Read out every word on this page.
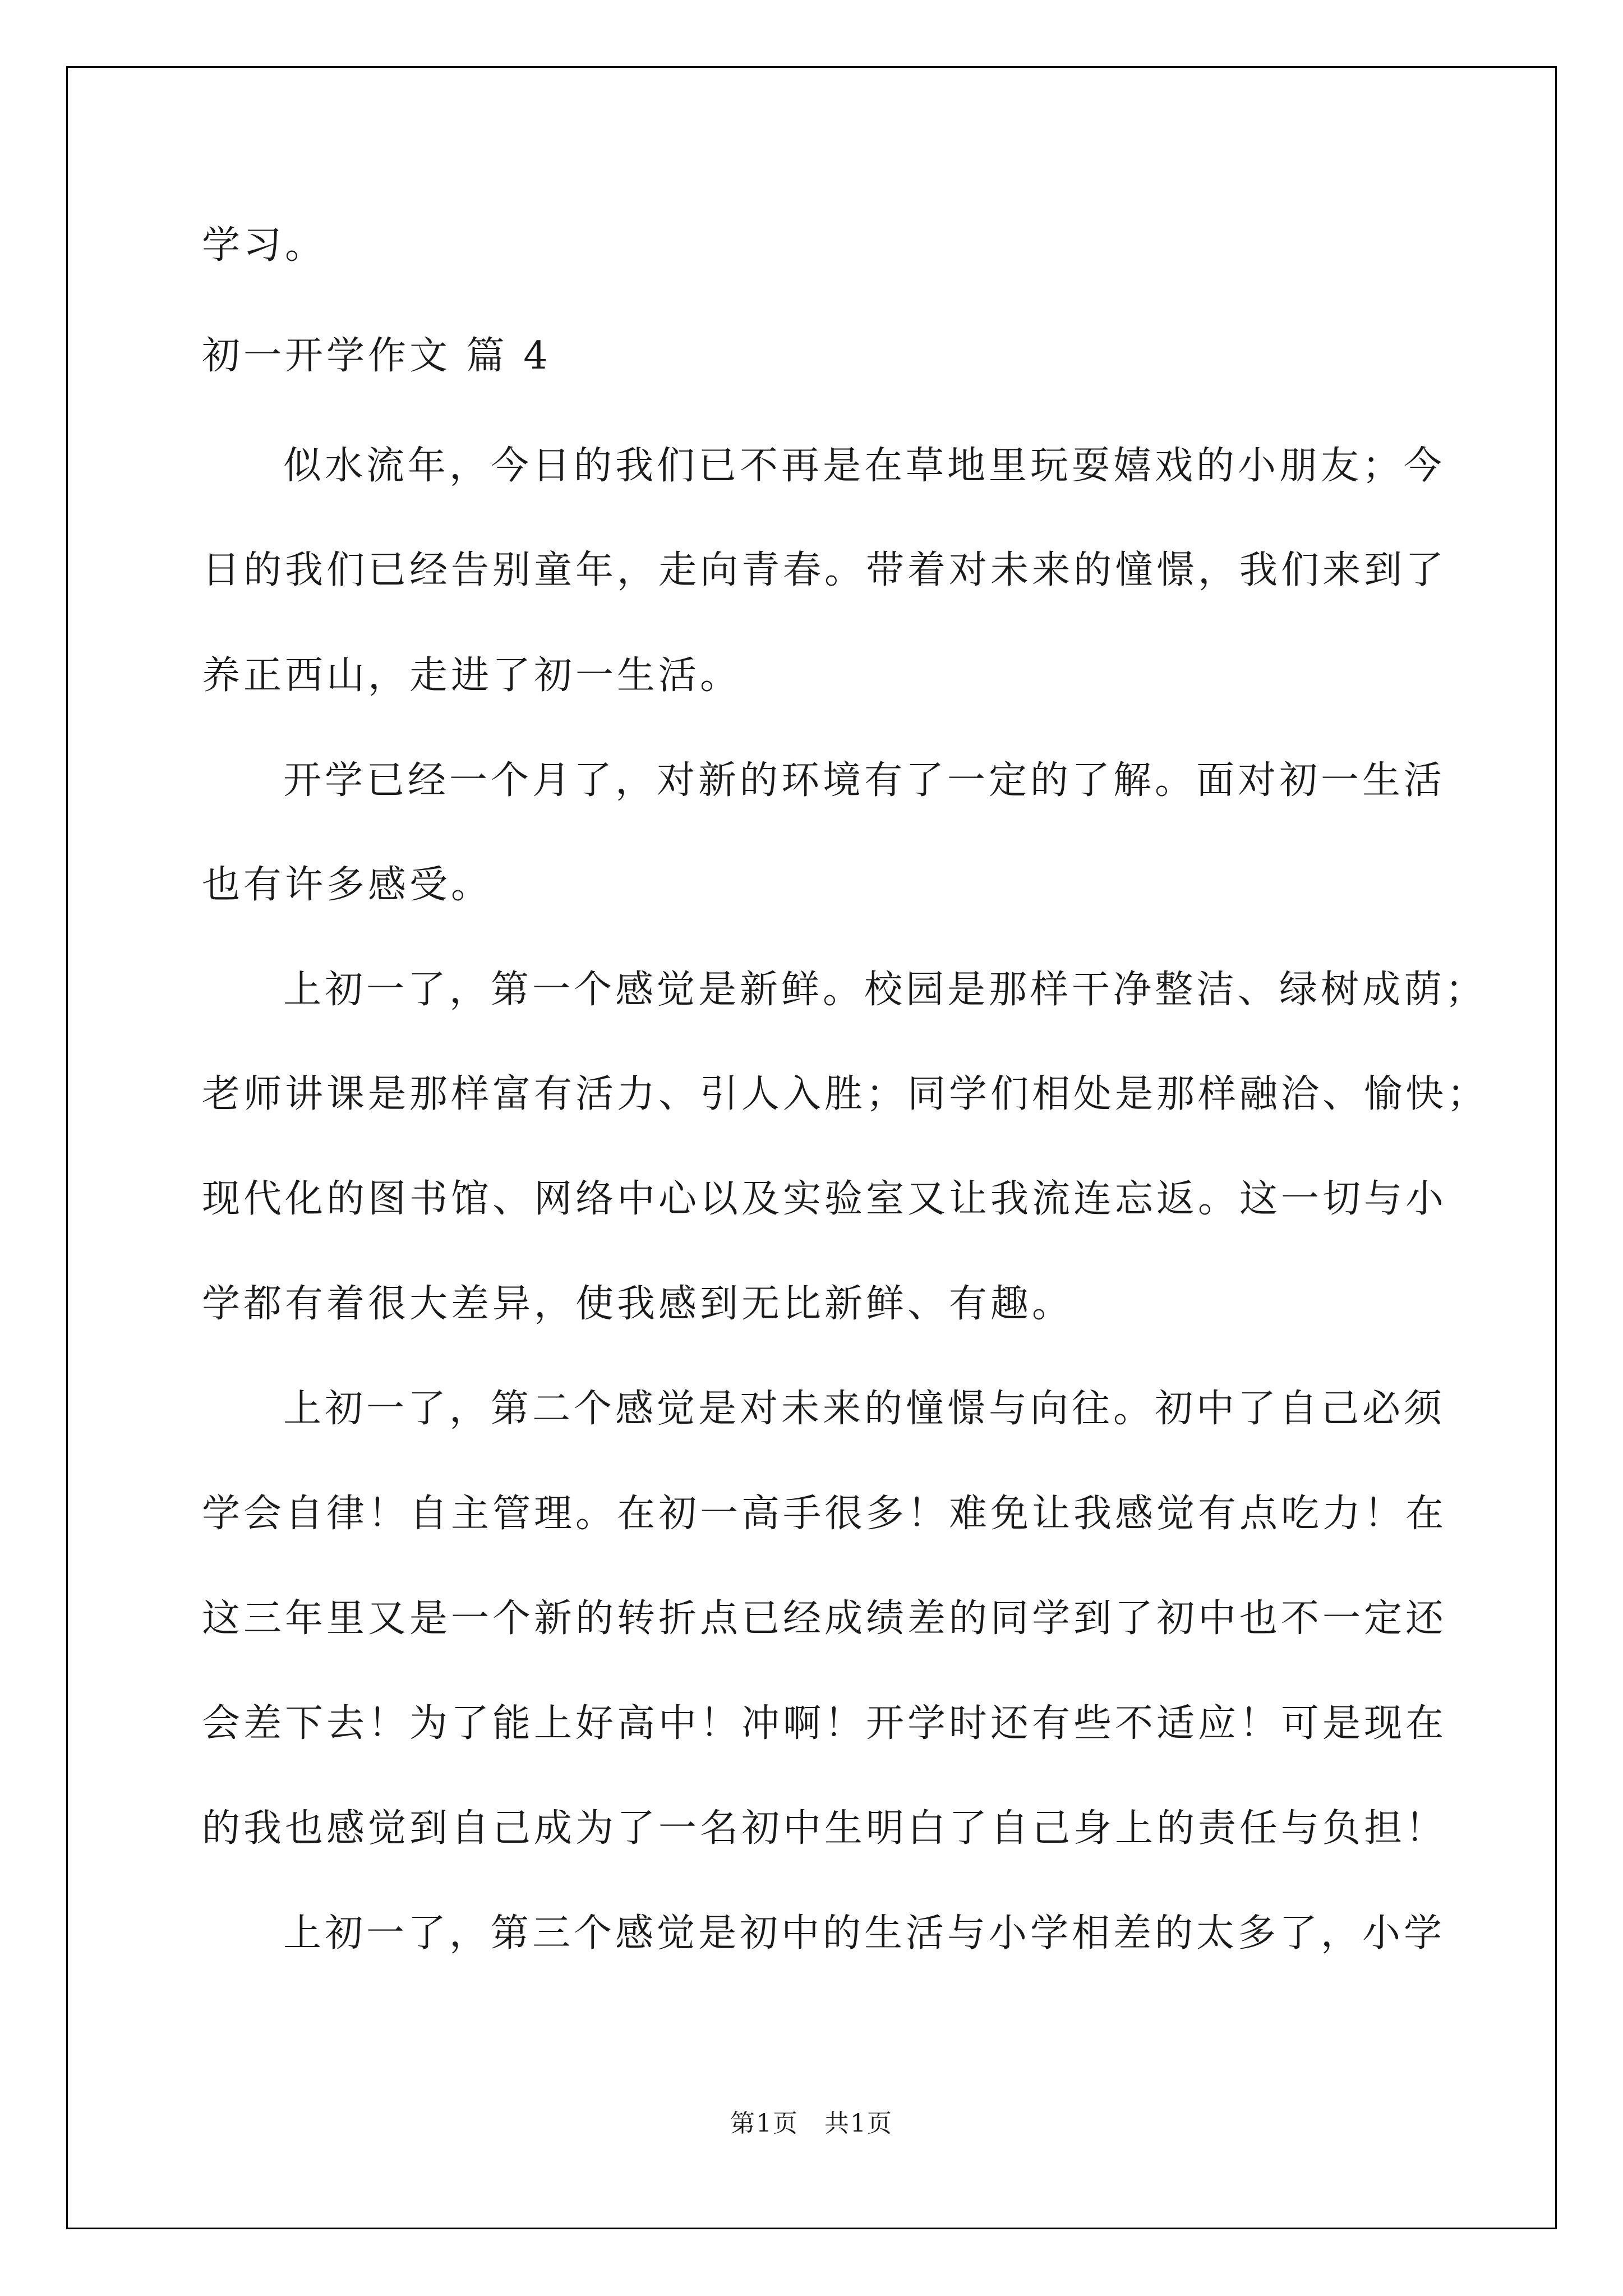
学习。
初一开学作文 篇 4
似水流年，今日的我们已不再是在草地里玩耍嬉戏的小朋友；今
日的我们已经告别童年，走向青春。带着对未来的憧憬，我们来到了
养正西山，走进了初一生活。
开学已经一个月了，对新的环境有了一定的了解。面对初一生活
也有许多感受。
上初一了，第一个感觉是新鲜。校园是那样干净整洁、绿树成荫；
老师讲课是那样富有活力、引人入胜；同学们相处是那样融洽、愉快；
现代化的图书馆、网络中心以及实验室又让我流连忘返。这一切与小
学都有着很大差异，使我感到无比新鲜、有趣。
上初一了，第二个感觉是对未来的憧憬与向往。初中了自己必须
学会自律！自主管理。在初一高手很多！难免让我感觉有点吃力！在
这三年里又是一个新的转折点已经成绩差的同学到了初中也不一定还
会差下去！为了能上好高中！冲啊！开学时还有些不适应！可是现在
的我也感觉到自己成为了一名初中生明白了自己身上的责任与负担！
上初一了，第三个感觉是初中的生活与小学相差的太多了，小学
第1页　共1页
